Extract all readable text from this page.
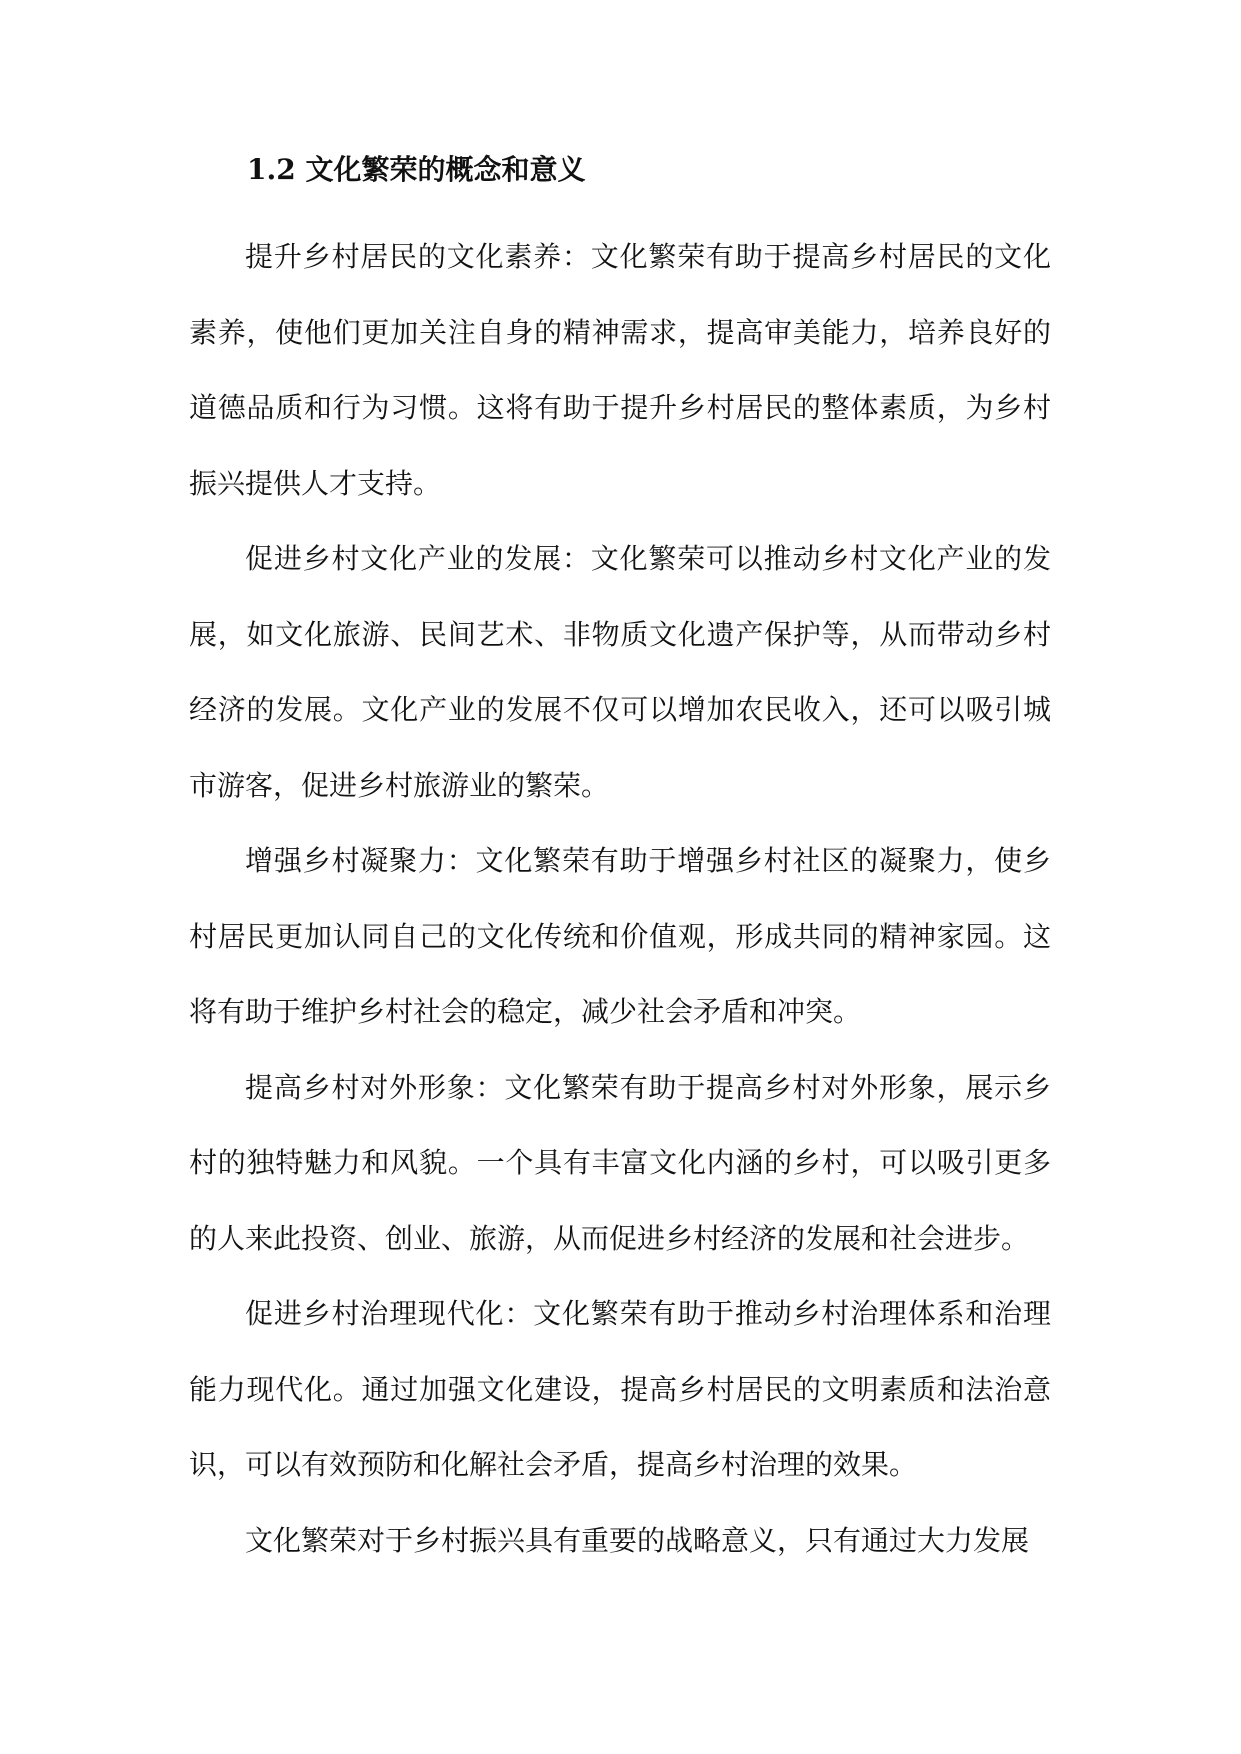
1.2 文化繁荣的概念和意义

提升乡村居民的文化素养：文化繁荣有助于提高乡村居民的文化素养，使他们更加关注自身的精神需求，提高审美能力，培养良好的道德品质和行为习惯。这将有助于提升乡村居民的整体素质，为乡村振兴提供人才支持。

促进乡村文化产业的发展：文化繁荣可以推动乡村文化产业的发展，如文化旅游、民间艺术、非物质文化遗产保护等，从而带动乡村经济的发展。文化产业的发展不仅可以增加农民收入，还可以吸引城市游客，促进乡村旅游业的繁荣。

增强乡村凝聚力：文化繁荣有助于增强乡村社区的凝聚力，使乡村居民更加认同自己的文化传统和价值观，形成共同的精神家园。这将有助于维护乡村社会的稳定，减少社会矛盾和冲突。

提高乡村对外形象：文化繁荣有助于提高乡村对外形象，展示乡村的独特魅力和风貌。一个具有丰富文化内涵的乡村，可以吸引更多的人来此投资、创业、旅游，从而促进乡村经济的发展和社会进步。

促进乡村治理现代化：文化繁荣有助于推动乡村治理体系和治理能力现代化。通过加强文化建设，提高乡村居民的文明素质和法治意识，可以有效预防和化解社会矛盾，提高乡村治理的效果。

文化繁荣对于乡村振兴具有重要的战略意义，只有通过大力发展
